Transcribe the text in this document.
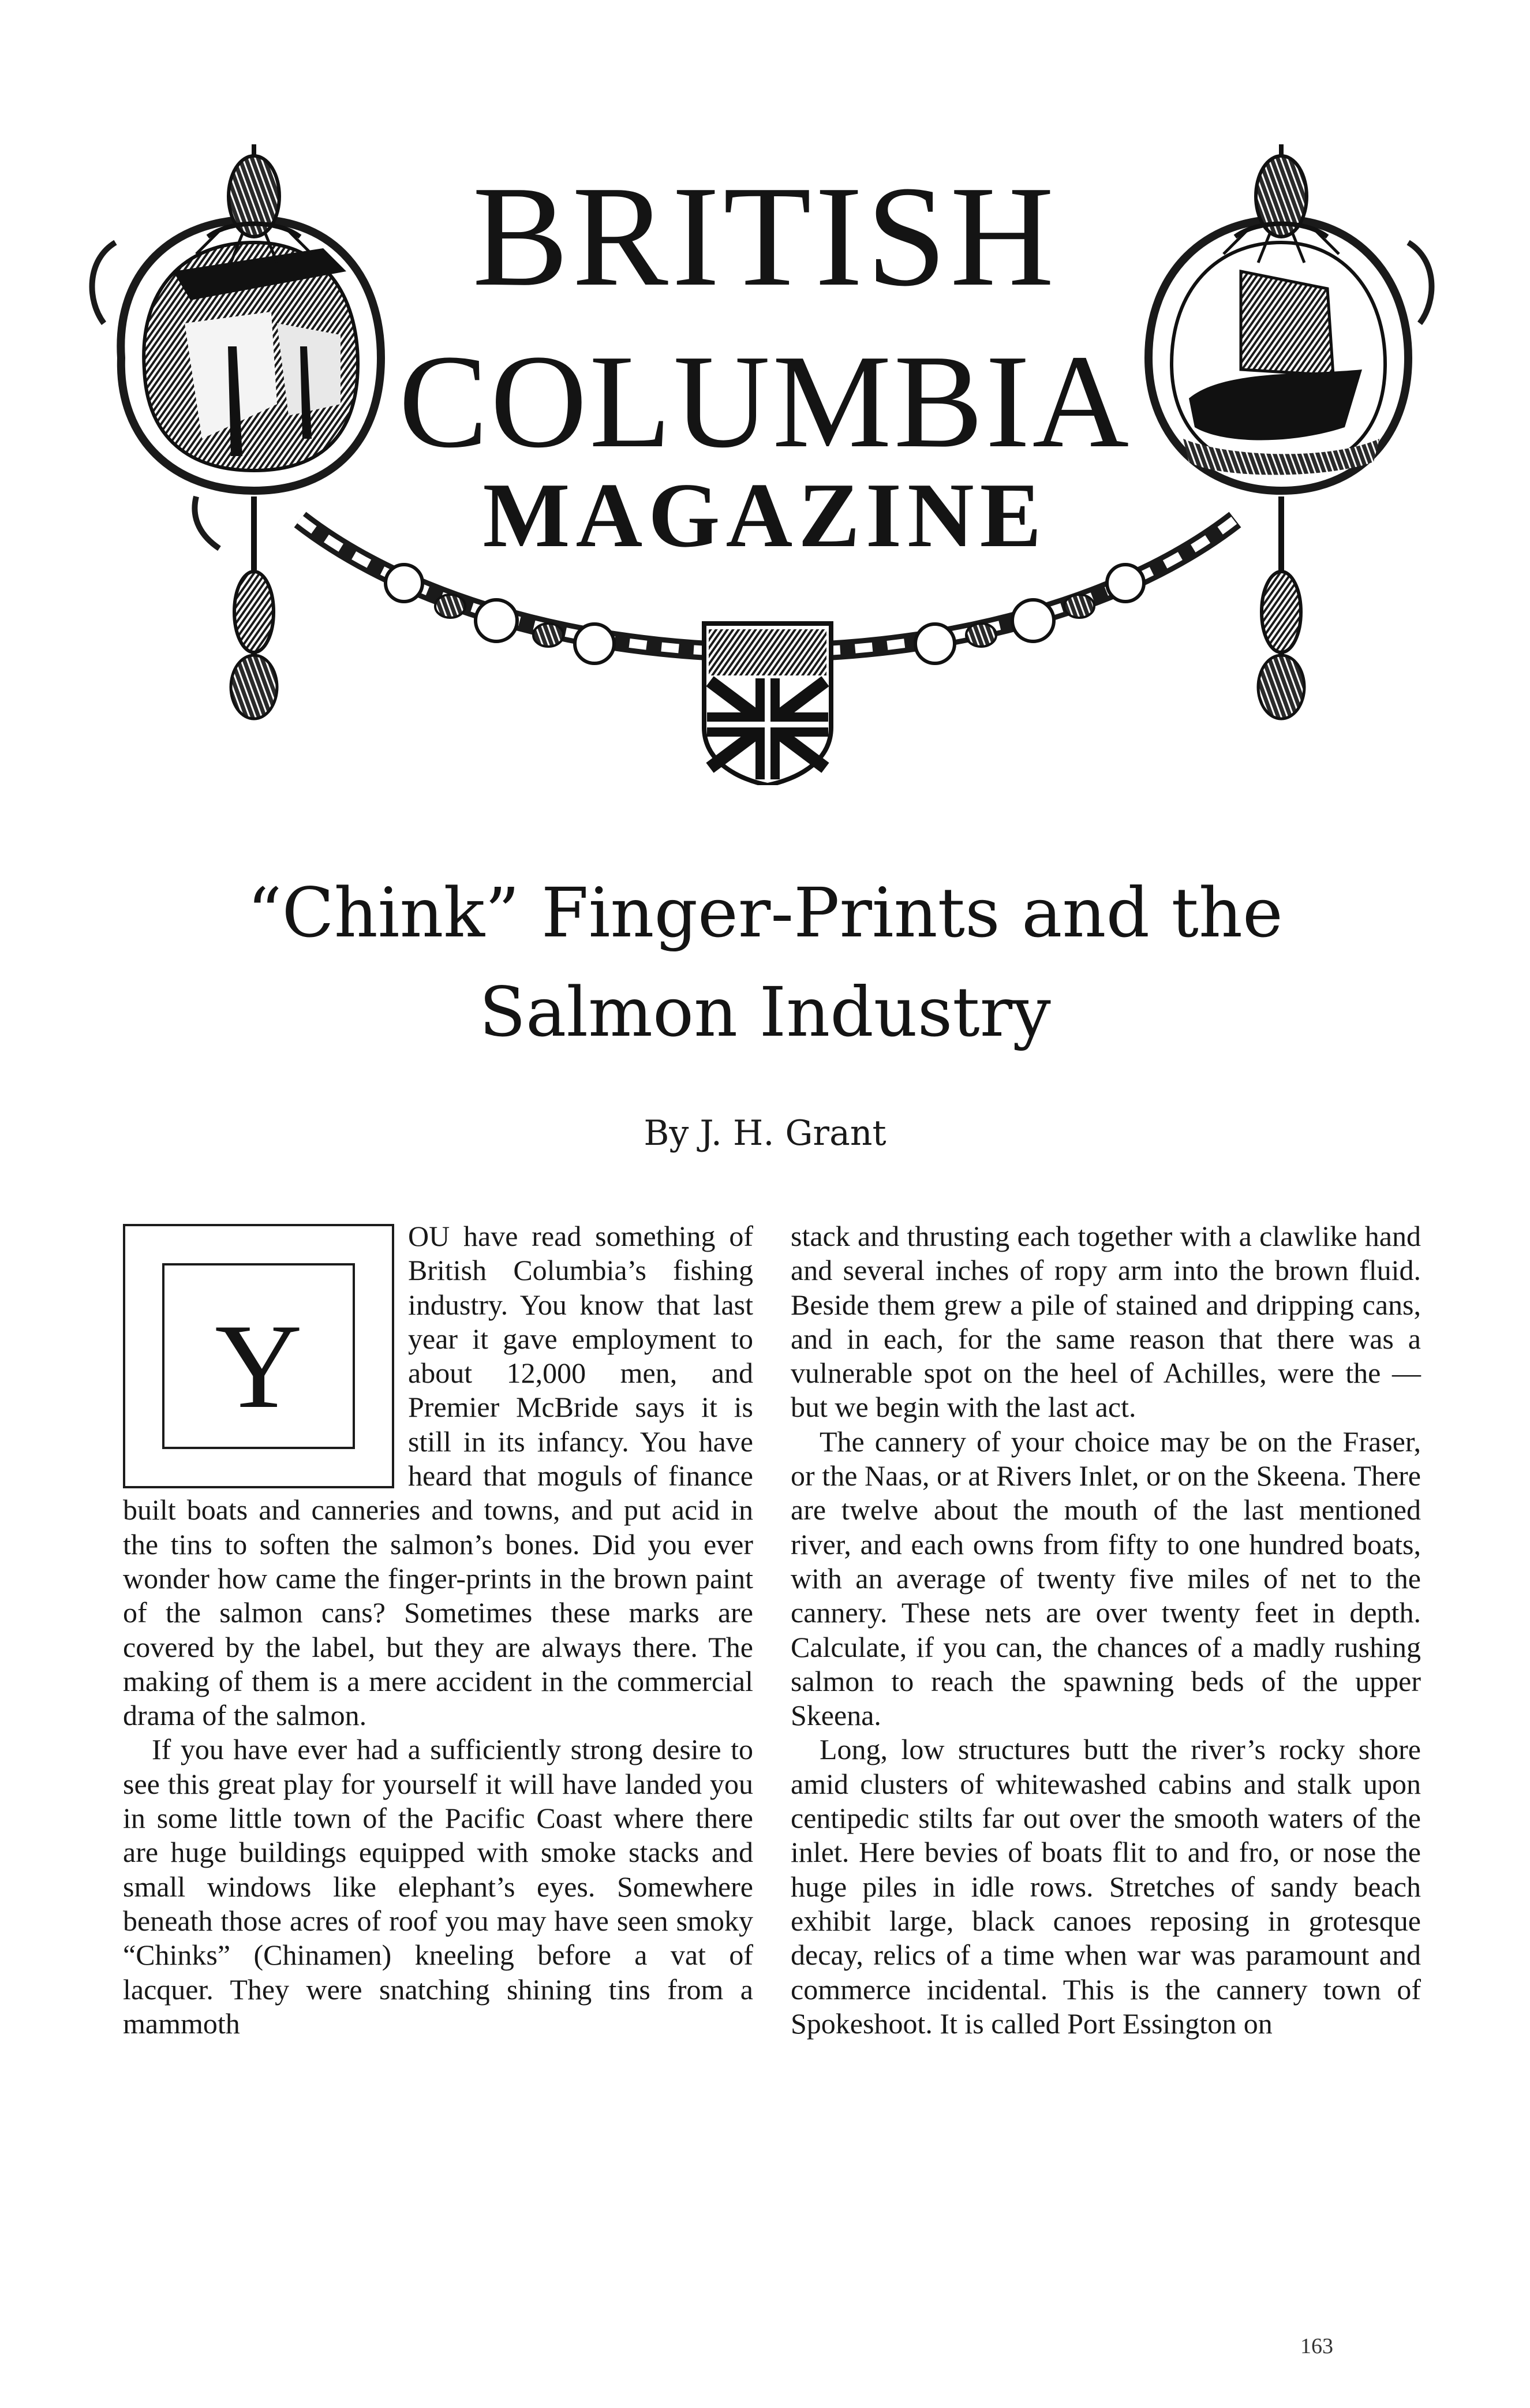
BRITISH
COLUMBIA
MAGAZINE
“Chink” Finger-Prints and the Salmon Industry
By J. H. Grant
Y

OU have read something of British Columbia’s fishing industry. You know that last year it gave employment to about 12,000 men, and Premier McBride says it is still in its infancy. You have heard that moguls of finance built boats and canneries and towns, and put acid in the tins to soften the salmon’s bones. Did you ever wonder how came the finger-prints in the brown paint of the salmon cans? Sometimes these marks are covered by the label, but they are always there. The making of them is a mere accident in the commercial drama of the salmon.

If you have ever had a sufficiently strong desire to see this great play for yourself it will have landed you in some little town of the Pacific Coast where there are huge buildings equipped with smoke stacks and small windows like elephant’s eyes. Somewhere beneath those acres of roof you may have seen smoky “Chinks” (Chinamen) kneeling before a vat of lacquer. They were snatching shining tins from a mammoth

stack and thrusting each together with a clawlike hand and several inches of ropy arm into the brown fluid. Beside them grew a pile of stained and dripping cans, and in each, for the same reason that there was a vulnerable spot on the heel of Achilles, were the — but we begin with the last act.

The cannery of your choice may be on the Fraser, or the Naas, or at Rivers Inlet, or on the Skeena. There are twelve about the mouth of the last mentioned river, and each owns from fifty to one hundred boats, with an average of twenty five miles of net to the cannery. These nets are over twenty feet in depth. Calculate, if you can, the chances of a madly rushing salmon to reach the spawning beds of the upper Skeena.

Long, low structures butt the river’s rocky shore amid clusters of whitewashed cabins and stalk upon centipedic stilts far out over the smooth waters of the inlet. Here bevies of boats flit to and fro, or nose the huge piles in idle rows. Stretches of sandy beach exhibit large, black canoes reposing in grotesque decay, relics of a time when war was paramount and commerce incidental. This is the cannery town of Spokeshoot. It is called Port Essington on

163
